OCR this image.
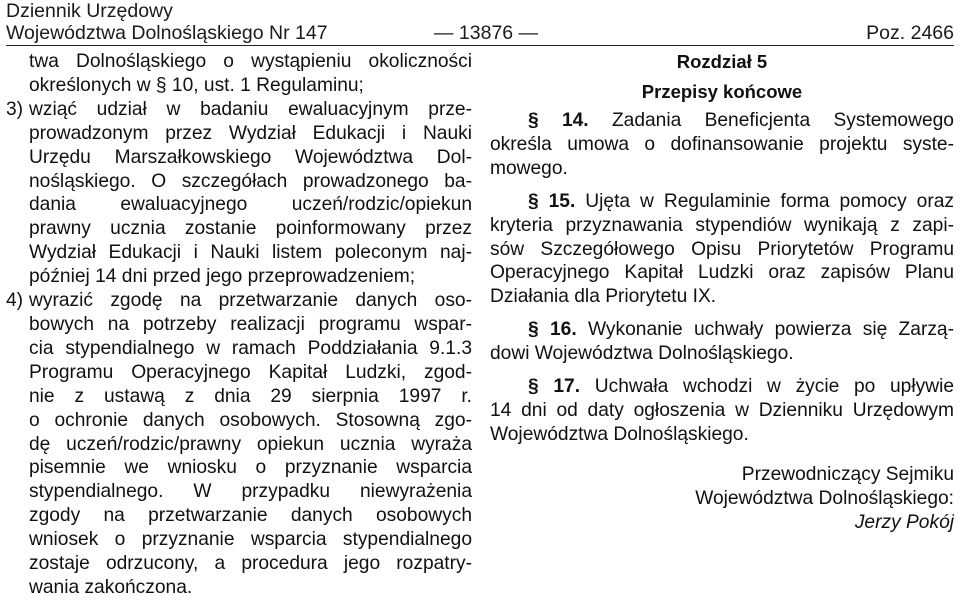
Dziennik Urzędowy
Województwa Dolnośląskiego Nr 147	— 13876 —	Poz. 2466
twa Dolnośląskiego o wystąpieniu okoliczności
określonych w § 10, ust. 1 Regulaminu;
3) wziąć udział w badaniu ewaluacyjnym prze-
prowadzonym przez Wydział Edukacji i Nauki
Urzędu Marszałkowskiego Województwa Dol-
nośląskiego. O szczegółach prowadzonego ba-
dania ewaluacyjnego uczeń/rodzic/opiekun
prawny ucznia zostanie poinformowany przez
Wydział Edukacji i Nauki listem poleconym naj-
później 14 dni przed jego przeprowadzeniem;
4) wyrazić zgodę na przetwarzanie danych oso-
bowych na potrzeby realizacji programu wspar-
cia stypendialnego w ramach Poddziałania 9.1.3
Programu Operacyjnego Kapitał Ludzki, zgod-
nie z ustawą z dnia 29 sierpnia 1997 r.
o ochronie danych osobowych. Stosowną zgo-
dę uczeń/rodzic/prawny opiekun ucznia wyraża
pisemnie we wniosku o przyznanie wsparcia
stypendialnego. W przypadku niewyrażenia
zgody na przetwarzanie danych osobowych
wniosek o przyznanie wsparcia stypendialnego
zostaje odrzucony, a procedura jego rozpatry-
wania zakończona.
Rozdział 5
Przepisy końcowe
§ 14. Zadania Beneficjenta Systemowego
określa umowa o dofinansowanie projektu syste-
mowego.
§ 15. Ujęta w Regulaminie forma pomocy oraz
kryteria przyznawania stypendiów wynikają z zapi-
sów Szczegółowego Opisu Priorytetów Programu
Operacyjnego Kapitał Ludzki oraz zapisów Planu
Działania dla Priorytetu IX.
§ 16. Wykonanie uchwały powierza się Zarzą-
dowi Województwa Dolnośląskiego.
§ 17. Uchwała wchodzi w życie po upływie
14 dni od daty ogłoszenia w Dzienniku Urzędowym
Województwa Dolnośląskiego.
Przewodniczący Sejmiku
Województwa Dolnośląskiego:
Jerzy Pokój
